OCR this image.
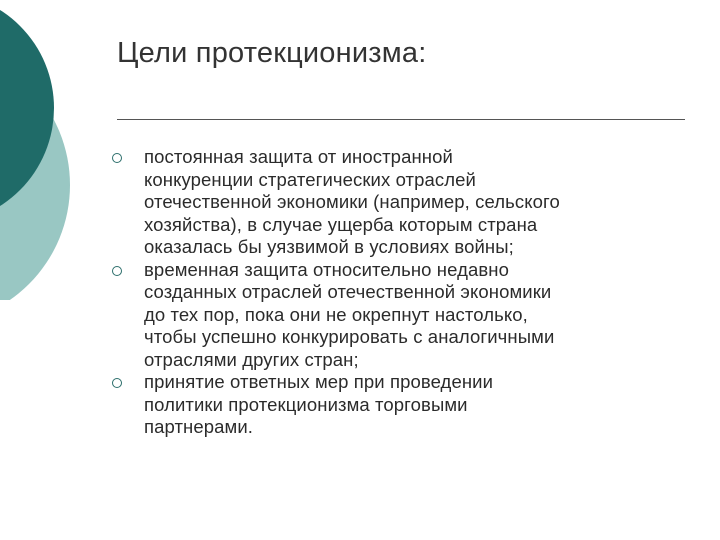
Цели протекционизма:
постоянная защита от иностранной
конкуренции стратегических отраслей
отечественной экономики (например, сельского
хозяйства), в случае ущерба которым страна
оказалась бы уязвимой в условиях войны;
временная защита относительно недавно
созданных отраслей отечественной экономики
до тех пор, пока они не окрепнут настолько,
чтобы успешно конкурировать с аналогичными
отраслями других стран;
принятие ответных мер при проведении
политики протекционизма торговыми
партнерами.
